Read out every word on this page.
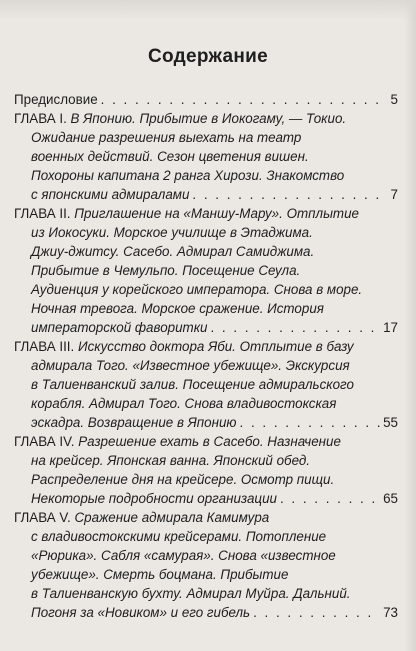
Содержание

Предисловие . . .	5

ГЛАВА I. В Японию. Прибытие в Иокогаму, — Токио.

Ожидание разрешения выехать на театр

военных действий. Сезон цветения вишен.

Похороны капитана 2 ранга Хирози. Знакомство

с японскими адмиралами . . .	7

ГЛАВА II. Приглашение на «Маншу-Мару». Отплытие

из Иокосуки. Морское училище в Этаджима.

Джиу-джитсу. Сасебо. Адмирал Самиджима.

Прибытие в Чемульпо. Посещение Сеула.

Аудиенция у корейского императора. Снова в море.

Ночная тревога. Морское сражение. История

императорской фаворитки . . .	17

ГЛАВА III. Искусство доктора Яби. Отплытие в базу

адмирала Того. «Известное убежище». Экскурсия

в Талиенванский залив. Посещение адмиральского

корабля. Адмирал Того. Снова владивостокская

эскадра. Возвращение в Японию . . .	55

ГЛАВА IV. Разрешение ехать в Сасебо. Назначение

на крейсер. Японская ванна. Японский обед.

Распределение дня на крейсере. Осмотр пищи.

Некоторые подробности организации . . .	65

ГЛАВА V. Сражение адмирала Камимура

с владивостокскими крейсерами. Потопление

«Рюрика». Сабля «самурая». Снова «известное

убежище». Смерть боцмана. Прибытие

в Талиенванскую бухту. Адмирал Муйра. Дальний.

Погоня за «Новиком» и его гибель . . .	73
